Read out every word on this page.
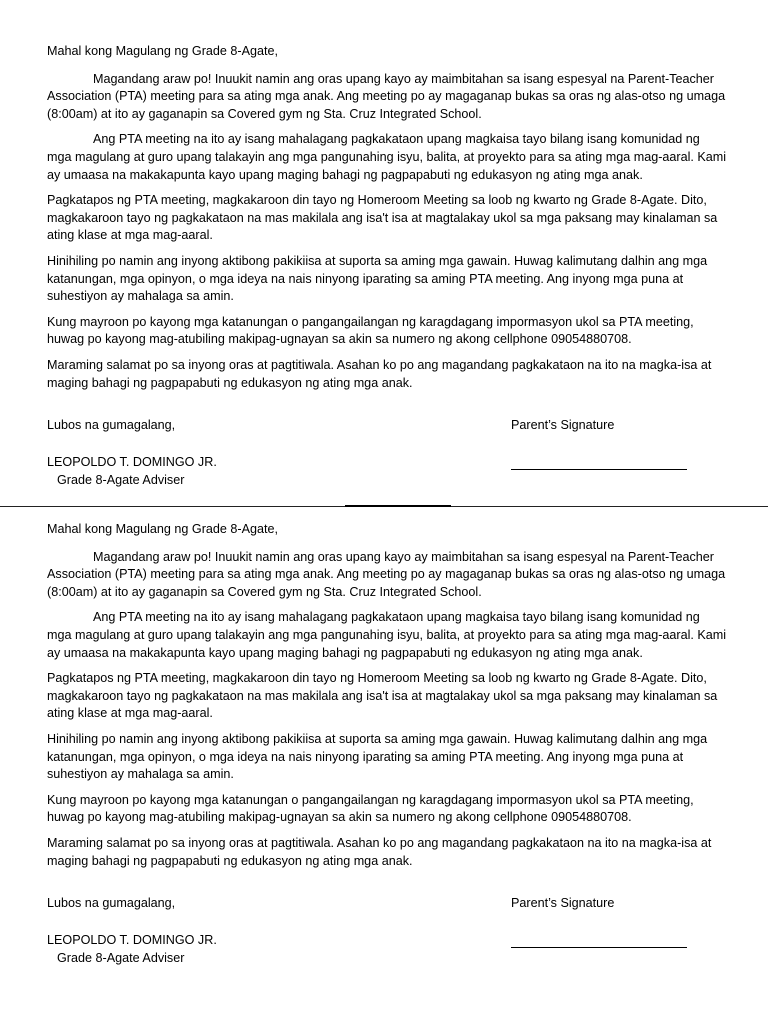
Mahal kong Magulang ng Grade 8-Agate,

Magandang araw po! Inuukit namin ang oras upang kayo ay maimbitahan sa isang espesyal na Parent-Teacher Association (PTA) meeting para sa ating mga anak. Ang meeting po ay magaganap bukas sa oras ng alas-otso ng umaga (8:00am) at ito ay gaganapin sa Covered gym ng Sta. Cruz Integrated School.

Ang PTA meeting na ito ay isang mahalagang pagkakataon upang magkaisa tayo bilang isang komunidad ng mga magulang at guro upang talakayin ang mga pangunahing isyu, balita, at proyekto para sa ating mga mag-aaral. Kami ay umaasa na makakapunta kayo upang maging bahagi ng pagpapabuti ng edukasyon ng ating mga anak.

Pagkatapos ng PTA meeting, magkakaroon din tayo ng Homeroom Meeting sa loob ng kwarto ng Grade 8-Agate. Dito, magkakaroon tayo ng pagkakataon na mas makilala ang isa't isa at magtalakay ukol sa mga paksang may kinalaman sa ating klase at mga mag-aaral.

Hinihiling po namin ang inyong aktibong pakikiisa at suporta sa aming mga gawain. Huwag kalimutang dalhin ang mga katanungan, mga opinyon, o mga ideya na nais ninyong iparating sa aming PTA meeting. Ang inyong mga puna at suhestiyon ay mahalaga sa amin.

Kung mayroon po kayong mga katanungan o pangangailangan ng karagdagang impormasyon ukol sa PTA meeting, huwag po kayong mag-atubiling makipag-ugnayan sa akin sa numero ng akong cellphone 09054880708.

Maraming salamat po sa inyong oras at pagtitiwala. Asahan ko po ang magandang pagkakataon na ito na magka-isa at maging bahagi ng pagpapabuti ng edukasyon ng ating mga anak.

Lubos na gumagalang,	Parent’s Signature
LEOPOLDO T. DOMINGO JR.
Grade 8-Agate Adviser

Mahal kong Magulang ng Grade 8-Agate,

Magandang araw po! Inuukit namin ang oras upang kayo ay maimbitahan sa isang espesyal na Parent-Teacher Association (PTA) meeting para sa ating mga anak. Ang meeting po ay magaganap bukas sa oras ng alas-otso ng umaga (8:00am) at ito ay gaganapin sa Covered gym ng Sta. Cruz Integrated School.

Ang PTA meeting na ito ay isang mahalagang pagkakataon upang magkaisa tayo bilang isang komunidad ng mga magulang at guro upang talakayin ang mga pangunahing isyu, balita, at proyekto para sa ating mga mag-aaral. Kami ay umaasa na makakapunta kayo upang maging bahagi ng pagpapabuti ng edukasyon ng ating mga anak.

Pagkatapos ng PTA meeting, magkakaroon din tayo ng Homeroom Meeting sa loob ng kwarto ng Grade 8-Agate. Dito, magkakaroon tayo ng pagkakataon na mas makilala ang isa't isa at magtalakay ukol sa mga paksang may kinalaman sa ating klase at mga mag-aaral.

Hinihiling po namin ang inyong aktibong pakikiisa at suporta sa aming mga gawain. Huwag kalimutang dalhin ang mga katanungan, mga opinyon, o mga ideya na nais ninyong iparating sa aming PTA meeting. Ang inyong mga puna at suhestiyon ay mahalaga sa amin.

Kung mayroon po kayong mga katanungan o pangangailangan ng karagdagang impormasyon ukol sa PTA meeting, huwag po kayong mag-atubiling makipag-ugnayan sa akin sa numero ng akong cellphone 09054880708.

Maraming salamat po sa inyong oras at pagtitiwala. Asahan ko po ang magandang pagkakataon na ito na magka-isa at maging bahagi ng pagpapabuti ng edukasyon ng ating mga anak.

Lubos na gumagalang,	Parent’s Signature
LEOPOLDO T. DOMINGO JR.
Grade 8-Agate Adviser
